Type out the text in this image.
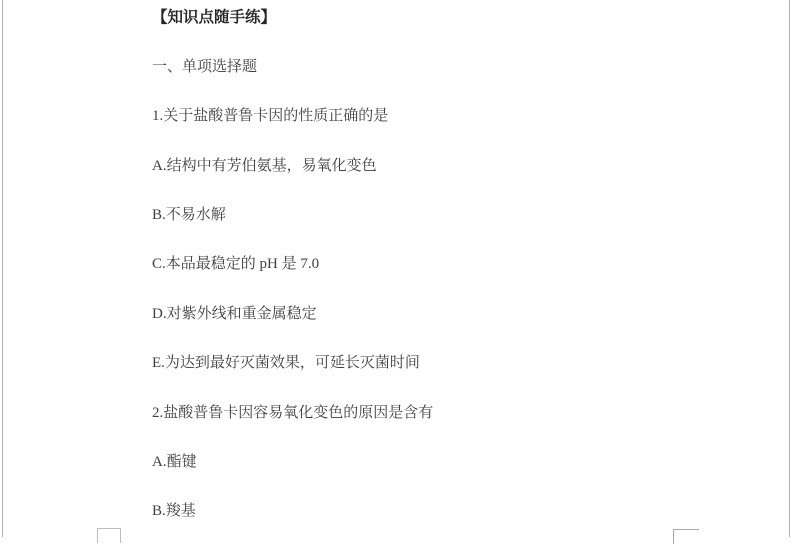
【知识点随手练】

一、单项选择题

1.关于盐酸普鲁卡因的性质正确的是

A.结构中有芳伯氨基，易氧化变色

B.不易水解

C.本品最稳定的 pH 是 7.0

D.对紫外线和重金属稳定

E.为达到最好灭菌效果，可延长灭菌时间

2.盐酸普鲁卡因容易氧化变色的原因是含有

A.酯键

B.羧基
